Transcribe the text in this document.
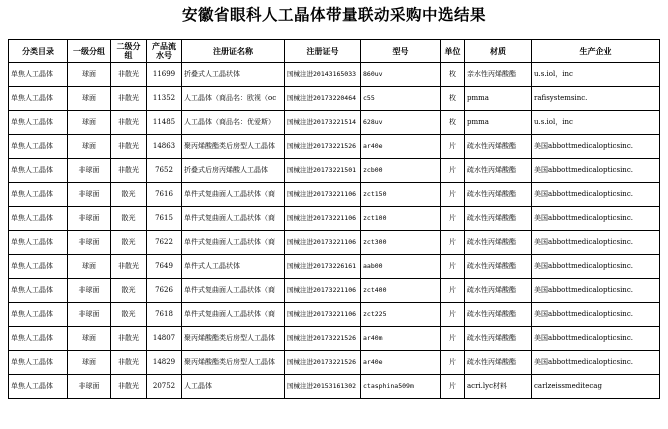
安徽省眼科人工晶体带量联动采购中选结果
分类目录	一级分组	二级分组	产品流水号	注册证名称	注册证号	型号	单位	材质	生产企业
单焦人工晶体	球面	非散光	11699	折叠式人工晶状体	国械注进20143165033	860uv	枚	亲水性丙烯酸酯	u.s.iol，inc
单焦人工晶体	球面	非散光	11352	人工晶体（商品名：欧视（oc	国械注进20173220464	c55	枚	pmma	rafisystemsinc.
单焦人工晶体	球面	非散光	11485	人工晶体（商品名：优爱斯）	国械注进20173221514	628uv	枚	pmma	u.s.iol，inc
单焦人工晶体	球面	非散光	14863	聚丙烯酸酯类后房型人工晶体	国械注进20173221526	ar40e	片	疏水性丙烯酸酯	美国abbottmedicalopticsinc.
单焦人工晶体	非球面	非散光	7652	折叠式后房丙烯酸人工晶体	国械注进20173221501	zcb00	片	疏水性丙烯酸酯	美国abbottmedicalopticsinc.
单焦人工晶体	非球面	散光	7616	单件式复曲面人工晶状体（商	国械注进20173221106	zct150	片	疏水性丙烯酸酯	美国abbottmedicalopticsinc.
单焦人工晶体	非球面	散光	7615	单件式复曲面人工晶状体（商	国械注进20173221106	zct100	片	疏水性丙烯酸酯	美国abbottmedicalopticsinc.
单焦人工晶体	非球面	散光	7622	单件式复曲面人工晶状体（商	国械注进20173221106	zct300	片	疏水性丙烯酸酯	美国abbottmedicalopticsinc.
单焦人工晶体	球面	非散光	7649	单件式人工晶状体	国械注进20173226161	aab00	片	疏水性丙烯酸酯	美国abbottmedicalopticsinc.
单焦人工晶体	非球面	散光	7626	单件式复曲面人工晶状体（商	国械注进20173221106	zct400	片	疏水性丙烯酸酯	美国abbottmedicalopticsinc.
单焦人工晶体	非球面	散光	7618	单件式复曲面人工晶状体（商	国械注进20173221106	zct225	片	疏水性丙烯酸酯	美国abbottmedicalopticsinc.
单焦人工晶体	球面	非散光	14807	聚丙烯酸酯类后房型人工晶体	国械注进20173221526	ar40m	片	疏水性丙烯酸酯	美国abbottmedicalopticsinc.
单焦人工晶体	球面	非散光	14829	聚丙烯酸酯类后房型人工晶体	国械注进20173221526	ar40e	片	疏水性丙烯酸酯	美国abbottmedicalopticsinc.
单焦人工晶体	非球面	非散光	20752	人工晶体	国械注进20153161302	ctasphina509m	片	acri.lyc材料	carlzeissmeditecag
